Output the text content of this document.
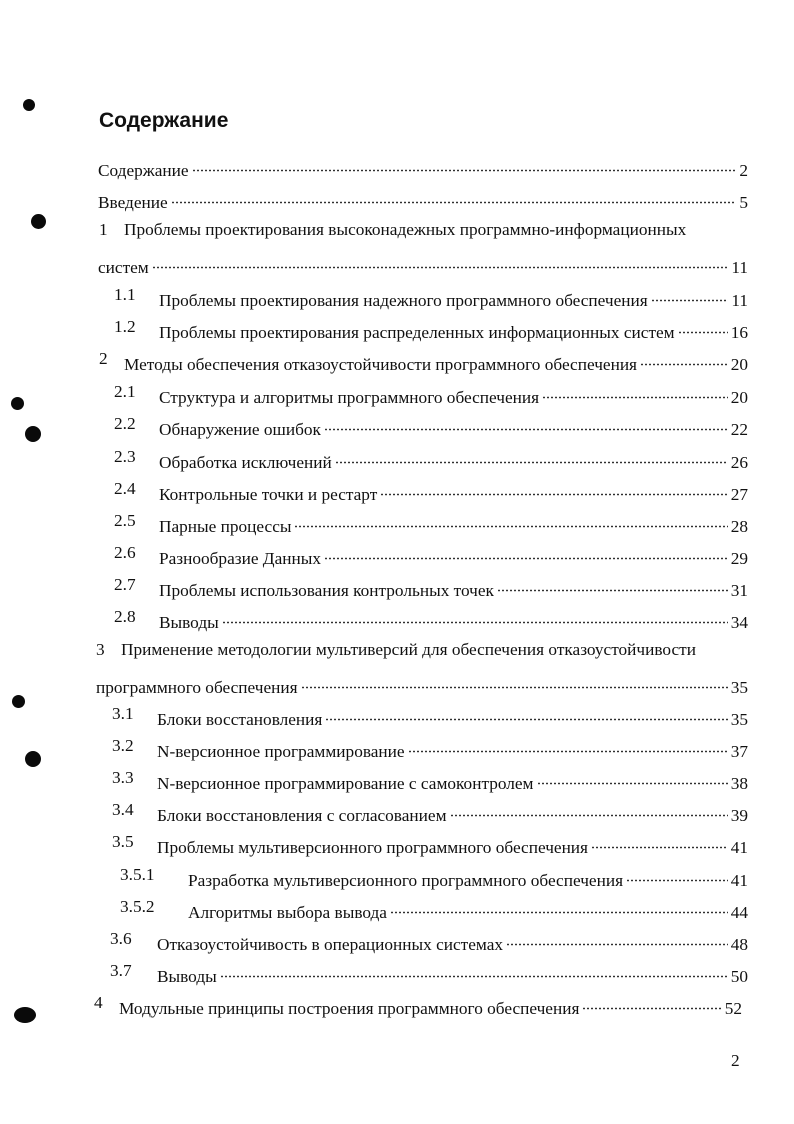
Содержание
Содержание	2
Введение	5
1 Проблемы проектирования высоконадежных программно-информационных
систем	11
1.1 Проблемы проектирования надежного программного обеспечения	11
1.2 Проблемы проектирования распределенных информационных систем	16
2 Методы обеспечения отказоустойчивости программного обеспечения	20
2.1 Структура и алгоритмы программного обеспечения	20
2.2 Обнаружение ошибок	22
2.3 Обработка исключений	26
2.4 Контрольные точки и рестарт	27
2.5 Парные процессы	28
2.6 Разнообразие Данных	29
2.7 Проблемы использования контрольных точек	31
2.8 Выводы	34
3 Применение методологии мультиверсий для обеспечения отказоустойчивости
программного обеспечения	35
3.1 Блоки восстановления	35
3.2 N-версионное программирование	37
3.3 N-версионное программирование с самоконтролем	38
3.4 Блоки восстановления с согласованием	39
3.5 Проблемы мультиверсионного программного обеспечения	41
3.5.1 Разработка мультиверсионного программного обеспечения	41
3.5.2 Алгоритмы выбора вывода	44
3.6 Отказоустойчивость в операционных системах	48
3.7 Выводы	50
4 Модульные принципы построения программного обеспечения	52
2
